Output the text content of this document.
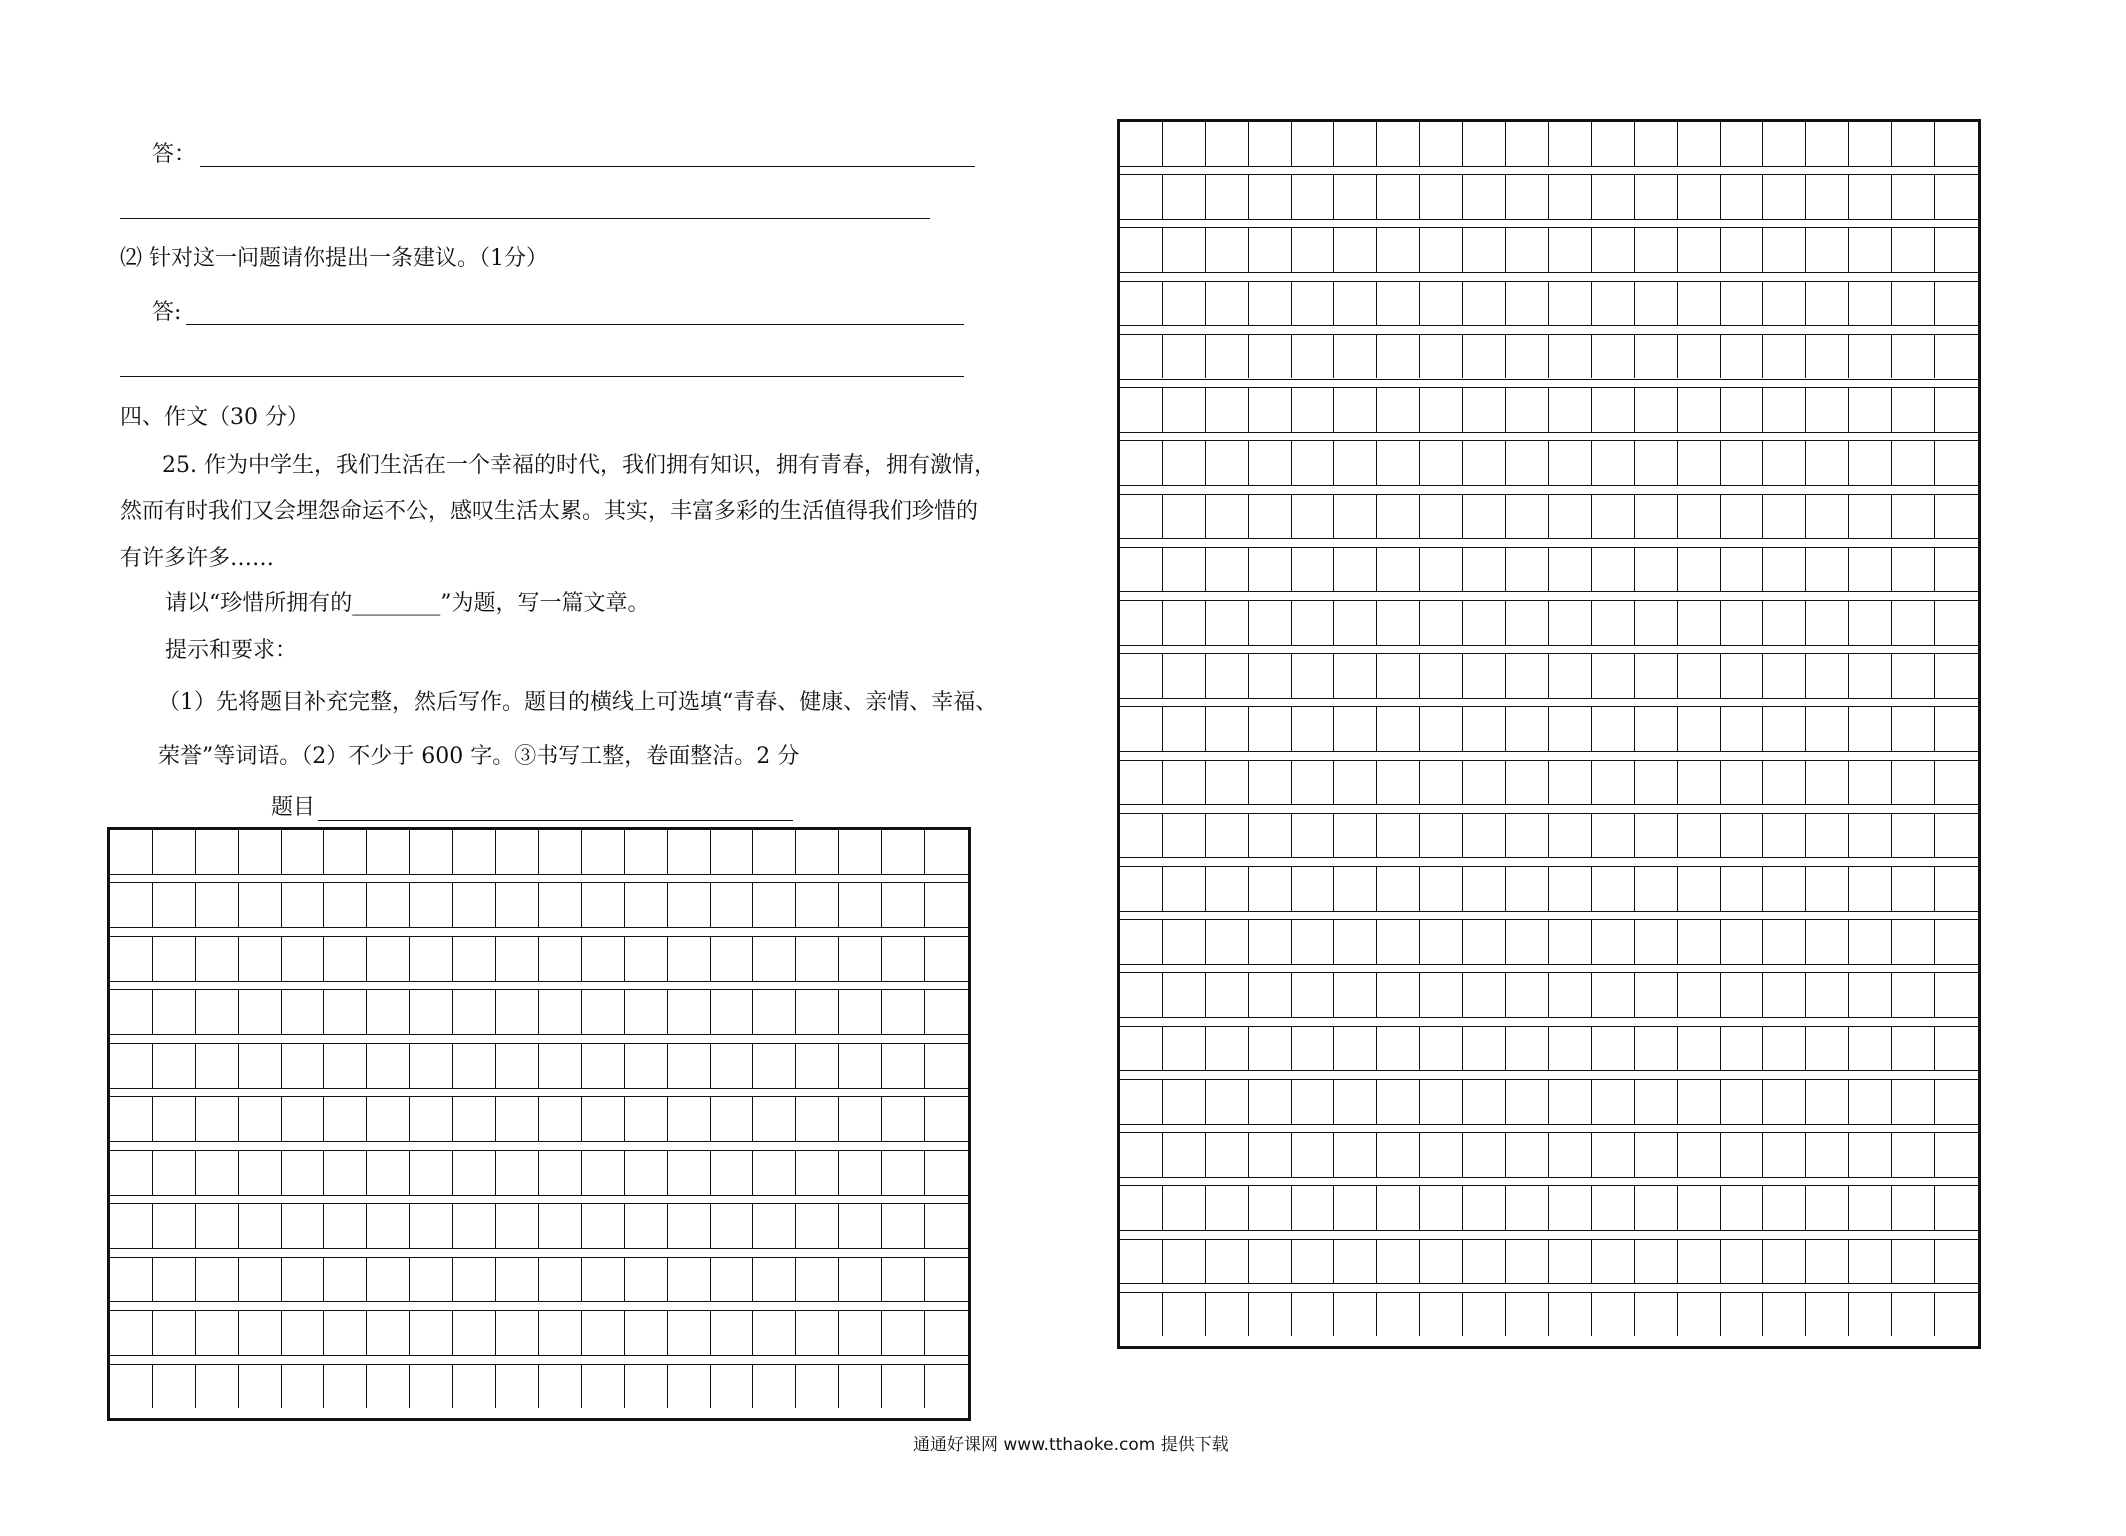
答：
⑵ 针对这一问题请你提出一条建议。（1分）
答:
四、作文（30 分）
25. 作为中学生，我们生活在一个幸福的时代，我们拥有知识，拥有青春，拥有激情，
然而有时我们又会埋怨命运不公，感叹生活太累。其实，丰富多彩的生活值得我们珍惜的
有许多许多……
请以“珍惜所拥有的________”为题，写一篇文章。
提示和要求：
（1）先将题目补充完整，然后写作。题目的横线上可选填“青春、健康、亲情、幸福、
荣誉”等词语。（2）不少于 600 字。③书写工整，卷面整洁。2 分
题目
通通好课网 www.tthaoke.com 提供下载
